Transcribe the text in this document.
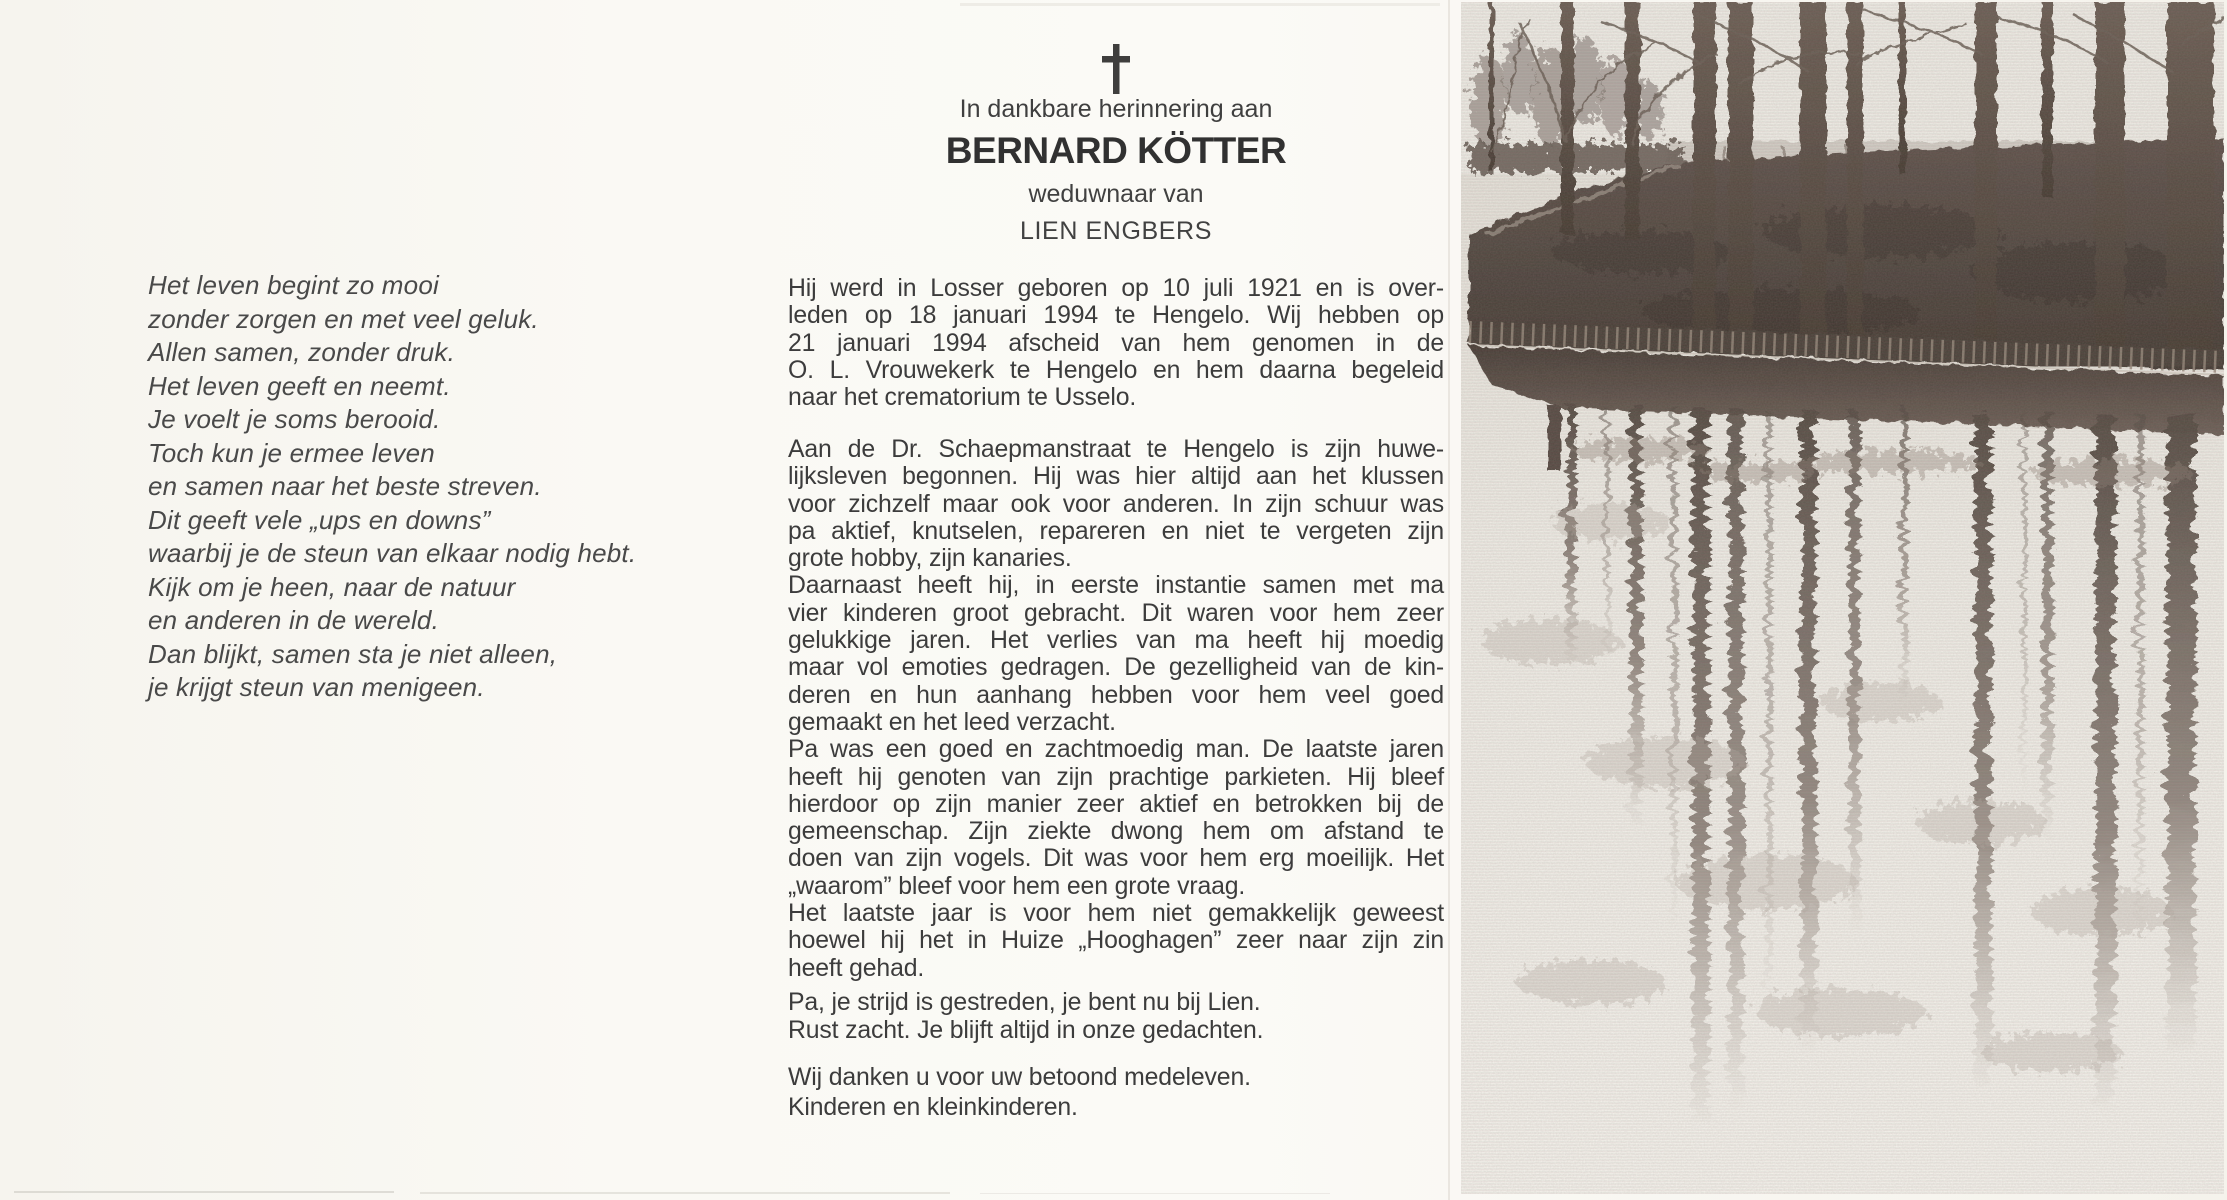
Het leven begint zo mooi
zonder zorgen en met veel geluk.
Allen samen, zonder druk.
Het leven geeft en neemt.
Je voelt je soms berooid.
Toch kun je ermee leven
en samen naar het beste streven.
Dit geeft vele „ups en downs”
waarbij je de steun van elkaar nodig hebt.
Kijk om je heen, naar de natuur
en anderen in de wereld.
Dan blijkt, samen sta je niet alleen,
je krijgt steun van menigeen.
In dankbare herinnering aan
BERNARD KÖTTER
weduwnaar van
LIEN ENGBERS
Hij werd in Losser geboren op 10 juli 1921 en is over-
leden op 18 januari 1994 te Hengelo. Wij hebben op
21 januari 1994 afscheid van hem genomen in de
O. L. Vrouwekerk te Hengelo en hem daarna begeleid
naar het crematorium te Usselo.
Aan de Dr. Schaepmanstraat te Hengelo is zijn huwe-
lijksleven begonnen. Hij was hier altijd aan het klussen
voor zichzelf maar ook voor anderen. In zijn schuur was
pa aktief, knutselen, repareren en niet te vergeten zijn
grote hobby, zijn kanaries.
Daarnaast heeft hij, in eerste instantie samen met ma
vier kinderen groot gebracht. Dit waren voor hem zeer
gelukkige jaren. Het verlies van ma heeft hij moedig
maar vol emoties gedragen. De gezelligheid van de kin-
deren en hun aanhang hebben voor hem veel goed
gemaakt en het leed verzacht.
Pa was een goed en zachtmoedig man. De laatste jaren
heeft hij genoten van zijn prachtige parkieten. Hij bleef
hierdoor op zijn manier zeer aktief en betrokken bij de
gemeenschap. Zijn ziekte dwong hem om afstand te
doen van zijn vogels. Dit was voor hem erg moeilijk. Het
„waarom” bleef voor hem een grote vraag.
Het laatste jaar is voor hem niet gemakkelijk geweest
hoewel hij het in Huize „Hooghagen” zeer naar zijn zin
heeft gehad.
Pa, je strijd is gestreden, je bent nu bij Lien.
Rust zacht. Je blijft altijd in onze gedachten.
Wij danken u voor uw betoond medeleven.
Kinderen en kleinkinderen.
